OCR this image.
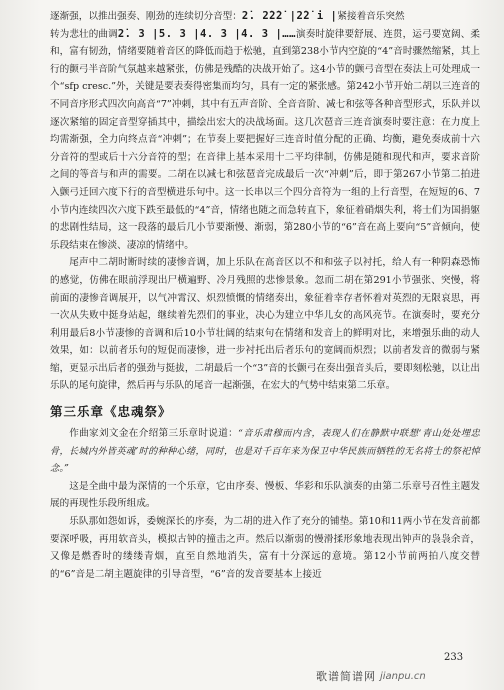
逐渐强，以推出强奏、刚劲的连续切分音型：2̇. 2̇2̇2̇ |2̇2̇ i |紧接着音乐突然

转为悲壮的曲调2̇. 3 |5. 3 |4. 3 |4. 3 |……演奏时旋律要舒展、连贯，运弓要宽阔、柔和，富有韧劲，情绪要随着音区的降低而趋于松驰，直到第238小节内空旋的“4”音时骤然缩紧，其上行的颤弓半音阶气氛越来越紧张，仿佛是残酷的决战开始了。这4小节的颤弓音型在奏法上可处理成一个“sfp cresc.”外，关键是要表奏得密集而均匀，具有一定的紧张感。第242小节开始二胡以三连音的不同音序形式四次向高音“7”冲刺，其中有五声音阶、全音音阶、减七和弦等各种音型形式，乐队并以逐次紧缩的固定音型穿插其中，描绘出宏大的决战场面。这几次琶音三连音演奏时要注意：在力度上均需渐强，全力向终点音“冲刺”；在节奏上要把握好三连音时值分配的正确、均衡，避免奏成前十六分音符的型或后十六分音符的型；在音律上基本采用十二平均律制，仿佛是随和现代和声，要求音阶之间的等音与和声的需要。二胡在以减七和弦琶音完成最后一次“冲刺”后，即于第267小节第二拍进入颤弓迁回六度下行的音型横进乐句中。这一长串以三个四分音符为一组的上行音型，在短短的6、7小节内连续四次六度下跌至最低的“4”音，情绪也随之而急转直下，象征着硝烟失利，将士们为国捐躯的悲剧性结局，这一段落的最后几小节要渐慢、渐弱，第280小节的“6”音在高上要向“5”音倾向，使乐段结束在惨淡、凄凉的情绪中。

尾声中二胡时断时续的凄惨音调，加上乐队在高音区以不和和弦子以衬托，给人有一种阴森恐怖的感觉，仿佛在眼前浮现出尸横遍野、冷月残照的悲惨景象。忽而二胡在第291小节强张、突慢，将前面的凄惨音调展开，以气冲霄汉、炽烈愤慨的情绪奏出，象征着幸存者怀着对英烈的无限哀思，再一次从失败中挺身站起，继续着先烈们的事业，决心为建立中华儿女的高风亮节。在演奏时，要充分利用最后8小节凄惨的音调和后10小节壮阔的结束句在情绪和发音上的鲜明对比，来增强乐曲的动人效果，如：以前者乐句的短促而凄惨，进一步衬托出后者乐句的宽阔而炽烈；以前者发音的微弱与紧缩，更显示出后者的强劲与挺拔，二胡最后一个“3”音的长颤弓在奏出强音头后，要即刻松驰，以让出乐队的尾句旋律，然后再与乐队的尾音一起渐强，在宏大的气势中结束第二乐章。

第三乐章《忠魂祭》

作曲家刘文金在介绍第三乐章时说道：“音乐肃穆而内含，表现人们在静默中联想‘青山处处埋忠骨，长城内外皆英魂’时的种种心绪，同时，也是对千百年来为保卫中华民族而牺牲的无名将士的祭祀悼念。”

这是全曲中最为深情的一个乐章，它由序奏、慢板、华彩和乐队演奏的由第二乐章号召性主题发展的再现性乐段所组成。

乐队那如怨如诉，委婉深长的序奏，为二胡的进入作了充分的铺垫。第10和11两小节在发音前都要深呼吸，再用软音头，模拟古钟的撞击之声。然后以渐弱的慢滑揉形象地表现出钟声的袅袅余音，又像是燃香时的缕缕青烟，直至自然地消失，富有十分深远的意境。第12小节前两拍八度交替的“6”音是二胡主题旋律的引导音型，“6”音的发音要基本上接近

233
歌谱简谱网 jianpu.cn
